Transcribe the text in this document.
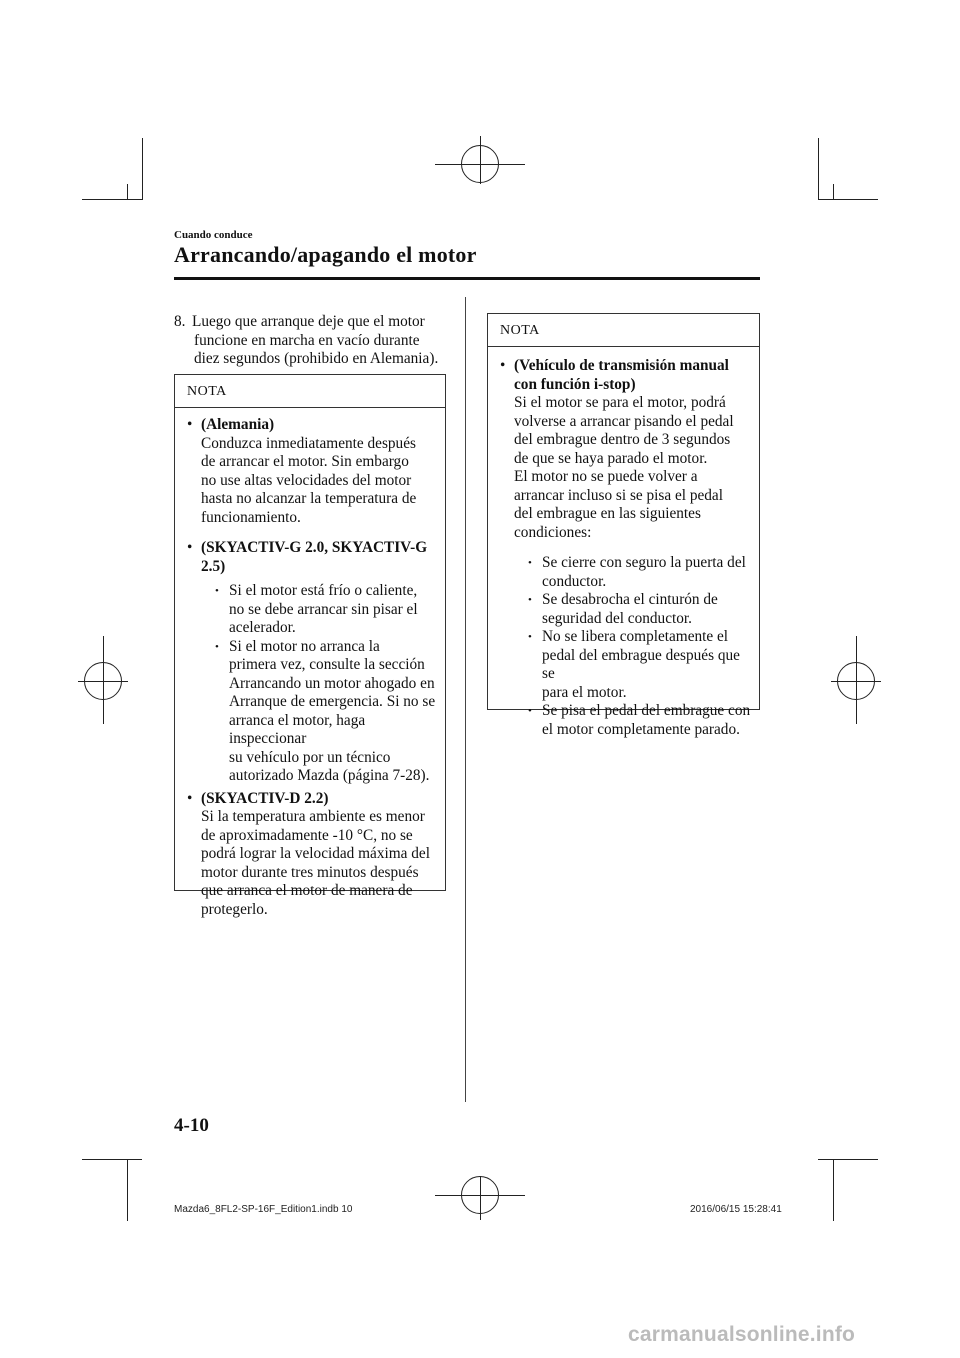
Cuando conduce
Arrancando/apagando el motor
8. Luego que arranque deje que el motor
funcione en marcha en vacío durante
diez segundos (prohibido en Alemania).
NOTA
• (Alemania)
Conduzca inmediatamente después
de arrancar el motor. Sin embargo
no use altas velocidades del motor
hasta no alcanzar la temperatura de
funcionamiento.
• (SKYACTIV-G 2.0, SKYACTIV-G
2.5)
• Si el motor está frío o caliente,
no se debe arrancar sin pisar el
acelerador.
• Si el motor no arranca la
primera vez, consulte la sección
Arrancando un motor ahogado en
Arranque de emergencia. Si no se
arranca el motor, haga inspeccionar
su vehículo por un técnico
autorizado Mazda (página 7-28).
• (SKYACTIV-D 2.2)
Si la temperatura ambiente es menor
de aproximadamente -10 °C, no se
podrá lograr la velocidad máxima del
motor durante tres minutos después
que arranca el motor de manera de
protegerlo.
NOTA
• (Vehículo de transmisión manual
con función i-stop)
Si el motor se para el motor, podrá
volverse a arrancar pisando el pedal
del embrague dentro de 3 segundos
de que se haya parado el motor.
El motor no se puede volver a
arrancar incluso si se pisa el pedal
del embrague en las siguientes
condiciones:
• Se cierre con seguro la puerta del
conductor.
• Se desabrocha el cinturón de
seguridad del conductor.
• No se libera completamente el
pedal del embrague después que se
para el motor.
• Se pisa el pedal del embrague con
el motor completamente parado.
4-10
Mazda6_8FL2-SP-16F_Edition1.indb 10	2016/06/15 15:28:41
carmanualsonline.info
